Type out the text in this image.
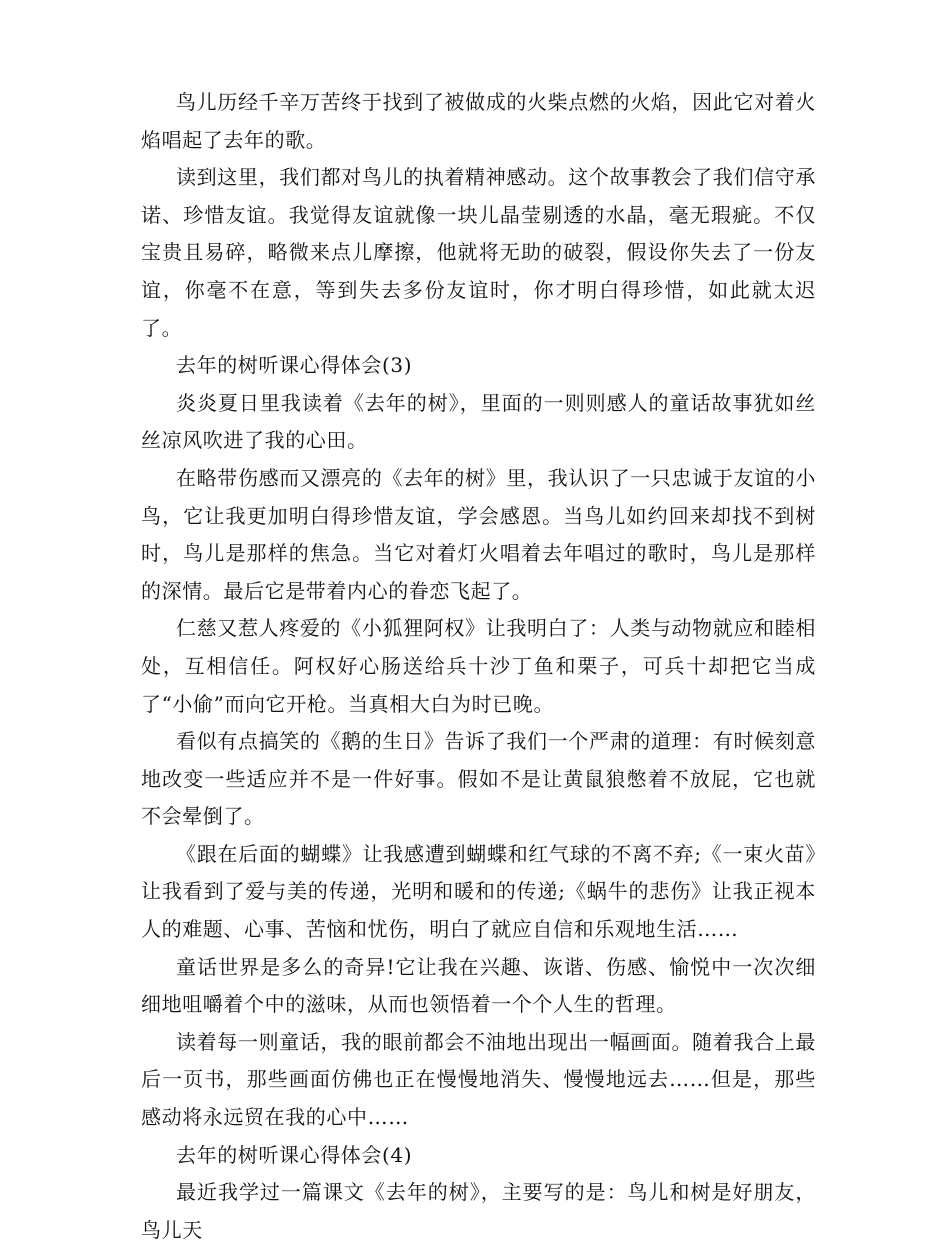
鸟儿历经千辛万苦终于找到了被做成的火柴点燃的火焰，因此它对着火焰唱起了去年的歌。

读到这里，我们都对鸟儿的执着精神感动。这个故事教会了我们信守承诺、珍惜友谊。我觉得友谊就像一块儿晶莹剔透的水晶，毫无瑕疵。不仅宝贵且易碎，略微来点儿摩擦，他就将无助的破裂，假设你失去了一份友谊，你毫不在意，等到失去多份友谊时，你才明白得珍惜，如此就太迟了。

去年的树听课心得体会(3)

炎炎夏日里我读着《去年的树》，里面的一则则感人的童话故事犹如丝丝凉风吹进了我的心田。

在略带伤感而又漂亮的《去年的树》里，我认识了一只忠诚于友谊的小鸟，它让我更加明白得珍惜友谊，学会感恩。当鸟儿如约回来却找不到树时，鸟儿是那样的焦急。当它对着灯火唱着去年唱过的歌时，鸟儿是那样的深情。最后它是带着内心的眷恋飞起了。

仁慈又惹人疼爱的《小狐狸阿权》让我明白了：人类与动物就应和睦相处，互相信任。阿权好心肠送给兵十沙丁鱼和栗子，可兵十却把它当成了“小偷”而向它开枪。当真相大白为时已晚。

看似有点搞笑的《鹅的生日》告诉了我们一个严肃的道理：有时候刻意地改变一些适应并不是一件好事。假如不是让黄鼠狼憋着不放屁，它也就不会晕倒了。

《跟在后面的蝴蝶》让我感遭到蝴蝶和红气球的不离不弃;《一束火苗》让我看到了爱与美的传递，光明和暖和的传递;《蜗牛的悲伤》让我正视本人的难题、心事、苦恼和忧伤，明白了就应自信和乐观地生活……

童话世界是多么的奇异!它让我在兴趣、诙谐、伤感、愉悦中一次次细细地咀嚼着个中的滋味，从而也领悟着一个个人生的哲理。

读着每一则童话，我的眼前都会不油地出现出一幅画面。随着我合上最后一页书，那些画面仿佛也正在慢慢地消失、慢慢地远去……但是，那些感动将永远贸在我的心中……

去年的树听课心得体会(4)

最近我学过一篇课文《去年的树》，主要写的是：鸟儿和树是好朋友，鸟儿天
